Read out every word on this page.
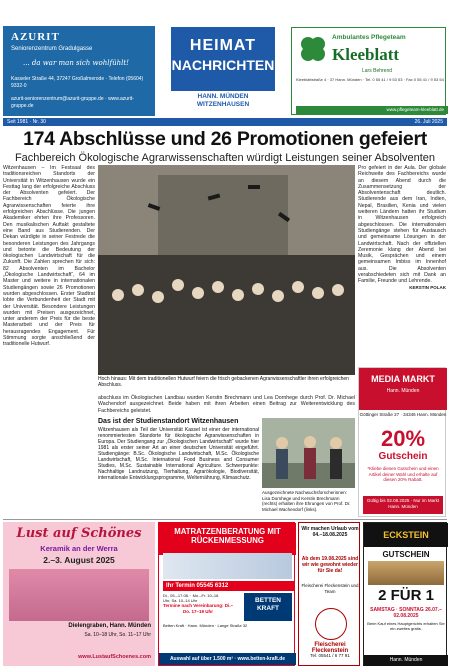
AZURIT
Seniorenzentrum Gradulgasse
... da war man sich wohlfühlt!
Kasseler Straße 44, 37247 Großalmerode · Telefon (05604) 9332-0
azurit-seniorenzentrum@azurit-gruppe.de · www.azurit-gruppe.de
HEIMAT
NACHRICHTEN
HANN. MÜNDEN WITZENHAUSEN
Ambulantes Pflegeteam
Kleeblatt
Lars Behrend
Kleeblattstraße 4 · 37 Hann. Münden · Tel. 0 55 41 / 9 53 53 · Fax 0 55 41 / 9 53 54
www.pflegeteam-kleeblatt.de
Seit 1981 · Nr. 30	26. Juli 2025
174 Abschlüsse und 26 Promotionen gefeiert
Fachbereich Ökologische Agrarwissenschaften würdigt Leistungen seiner Absolventen
Witzenhausen – Im Festsaal des traditionsreichen Standorts der Universität in Witzenhausen wurde ein Festtag lang der erfolgreiche Abschluss der Absolventen gefeiert. Der Fachbereich Ökologische Agrarwissenschaften feierte ihre erfolgreichen Abschlüsse. Die jungen Akademiker ehrten ihre Professoren. Den musikalischen Auftakt gestaltete eine Band aus Studierenden. Der Dekan würdigte in seiner Festrede die besonderen Leistungen des Jahrgangs und betonte die Bedeutung der ökologischen Landwirtschaft für die Zukunft. Die Zahlen sprechen für sich: 82 Absolventen im Bachelor „Ökologische Landwirtschaft“, 64 im Master und weitere in internationalen Studiengängen sowie 26 Promotionen wurden abgeschlossen. Erster Stadtrat lobte die Verbundenheit der Stadt mit der Universität. Besondere Leistungen wurden mit Preisen ausgezeichnet, unter anderem der Preis für die beste Masterarbeit und der Preis für herausragendes Engagement. Für Stimmung sorgte anschließend der traditionelle Hutwurf.
Hoch hinaus: Mit dem traditionellen Hutwurf feiern die frisch gebackenen Agrarwissenschaftler ihren erfolgreichen Abschluss.
abschluss im Ökologischen Landbau wurden Kerstin Brechmann und Lea Dornhege durch Prof. Dr. Michael Wachendorf ausgezeichnet. Beide haben mit ihren Arbeiten einen Beitrag zur Weiterentwicklung des Fachbereichs geleistet.
Pro gefeiert in der Aula. Der globale Reichweite des Fachbereichs wurde an diesem Abend durch die Zusammensetzung der Absolventenschaft deutlich. Studierende aus dem Iran, Indien, Nepal, Brasilien, Kenia und vielen weiteren Ländern hatten ihr Studium in Witzenhausen erfolgreich abgeschlossen. Die internationalen Studiengänge stehen für Austausch und gemeinsame Lösungen in der Landwirtschaft. Nach der offiziellen Zeremonie klang der Abend bei Musik, Gesprächen und einem gemeinsamen Imbiss im Innenhof aus. Die Absolventen verabschiedeten sich mit Dank an Familie, Freunde und Lehrende.
KERSTIN POLAK
Das ist der Studienstandort Witzenhausen
Witzenhausen als Teil der Universität Kassel ist einer der international renommiertesten Standorte für ökologische Agrarwissenschaften in Europa. Der Studiengang zur „Ökologischen Landwirtschaft“ wurde hier 1981 als erster seiner Art an einer deutschen Universität eingeführt. Studiengänge: B.Sc. Ökologische Landwirtschaft, M.Sc. Ökologische Landwirtschaft, M.Sc. International Food Business and Consumer Studies, M.Sc. Sustainable International Agriculture. Schwerpunkte: Nachhaltige Landnutzung, Tierhaltung, Agrarökologie, Biodiversität, internationale Entwicklungsprogramme, Welternährung, Klimaschutz.
Ausgezeichnete Nachwuchsforscherinnen: Lisa Dornhege und Kerstin Brechmann (rechts) erhalten ihre Ehrungen von Prof. Dr. Michael Wachendorf (links).
MEDIA MARKT
Hann. Münden
Göttinger Straße 27 · 34346 Hann. Münden
20%
Gutschein
*Kliebe diesen Gutschein und einen Artikel deiner Wahl und erhalte auf diesen 20% Rabatt.
Gültig bis 02.08.2025 · Nur im Markt Hann. Münden
Lust auf Schönes
Keramik an der Werra
2.–3. August 2025
Dielengraben, Hann. Münden
Sa. 10–18 Uhr, So. 11–17 Uhr
www.LustaufSchoenes.com
MATRATZENBERATUNG MIT RÜCKENMESSUNG
Ihr Termin 05545 6312
Di., 05.–17.08. · Mo.–Fr. 10–18 Uhr, Sa. 10–14 Uhr
Termine nach Vereinbarung: Di.–Do. 17–19 Uhr
BETTEN KRAFT
Betten Kraft · Hann. Münden · Lange Straße 32
Auswahl auf über 1.500 m² · www.betten-kraft.de
Wir machen Urlaub vom 04.–18.08.2025
Ab dem 19.08.2025 sind wir wie gewohnt wieder für Sie da!
Fleischerei Fleckenstein und Team
Fleischerei Fleckenstein
Tel. 05541 / 6 77 91
ECKSTEIN
GUTSCHEIN
2 FÜR 1
SAMSTAG · SONNTAG 26.07.–02.08.2025
Beim Kauf eines Hauptgerichts erhalten Sie ein zweites gratis.
Hann. Münden
